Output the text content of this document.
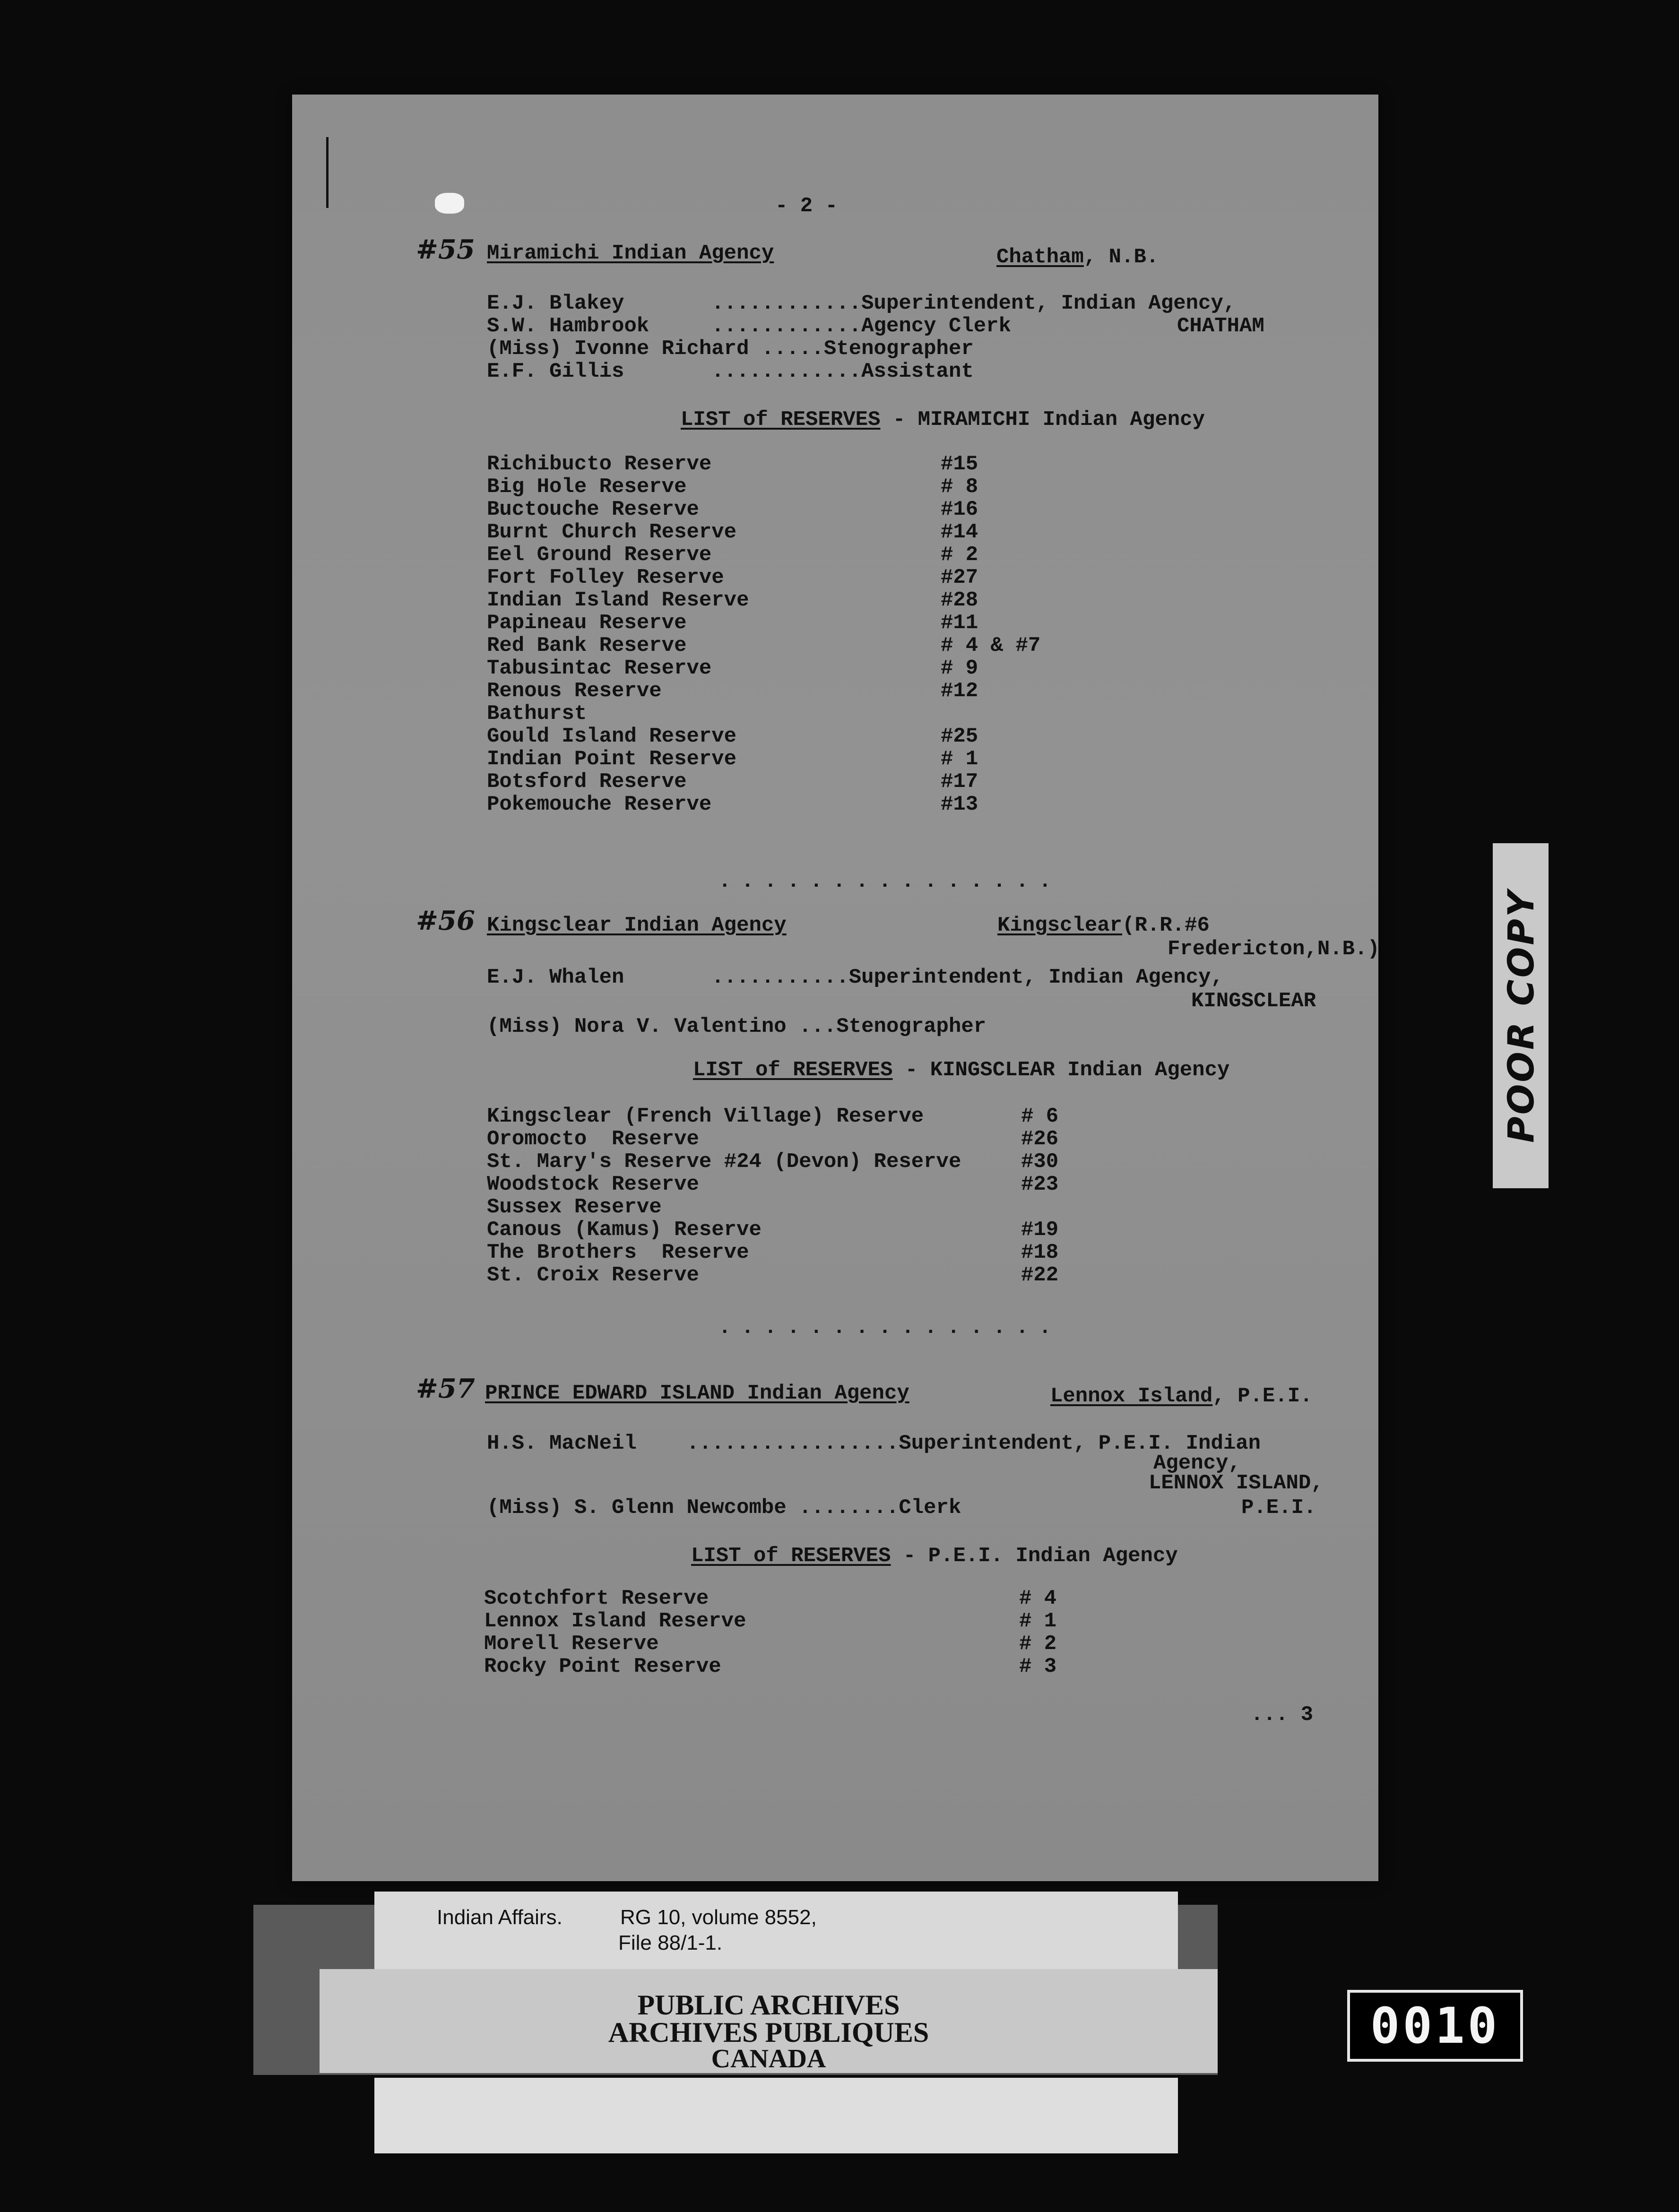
- 2 -
#55 Miramichi Indian Agency	Chatham, N.B.
E.J. Blakey       ............Superintendent, Indian Agency,
S.W. Hambrook     ............Agency Clerk	CHATHAM
(Miss) Ivonne Richard .....Stenographer
E.F. Gillis       ............Assistant
LIST of RESERVES - MIRAMICHI Indian Agency
Richibucto Reserve	#15
Big Hole Reserve	# 8
Buctouche Reserve	#16
Burnt Church Reserve	#14
Eel Ground Reserve	# 2
Fort Folley Reserve	#27
Indian Island Reserve	#28
Papineau Reserve	#11
Red Bank Reserve	# 4 & #7
Tabusintac Reserve	# 9
Renous Reserve	#12
Bathurst
Gould Island Reserve	#25
Indian Point Reserve	# 1
Botsford Reserve	#17
Pokemouche Reserve	#13
...............
#56 Kingsclear Indian Agency	Kingsclear(R.R.#6
Fredericton,N.B.)
E.J. Whalen       ...........Superintendent, Indian Agency,
KINGSCLEAR
(Miss) Nora V. Valentino ...Stenographer
LIST of RESERVES - KINGSCLEAR Indian Agency
Kingsclear (French Village) Reserve	# 6
Oromocto  Reserve	#26
St. Mary's Reserve #24 (Devon) Reserve	#30
Woodstock Reserve	#23
Sussex Reserve
Canous (Kamus) Reserve	#19
The Brothers  Reserve	#18
St. Croix Reserve	#22
...............
#57 PRINCE EDWARD ISLAND Indian Agency	Lennox Island, P.E.I.
H.S. MacNeil    .................Superintendent, P.E.I. Indian
Agency,
LENNOX ISLAND,
(Miss) S. Glenn Newcombe ........Clerk	P.E.I.
LIST of RESERVES - P.E.I. Indian Agency
Scotchfort Reserve	# 4
Lennox Island Reserve	# 1
Morell Reserve	# 2
Rocky Point Reserve	# 3
... 3
POOR COPY
Indian Affairs.	RG 10, volume 8552,
File 88/1-1.
PUBLIC ARCHIVES
ARCHIVES PUBLIQUES
CANADA
0010
